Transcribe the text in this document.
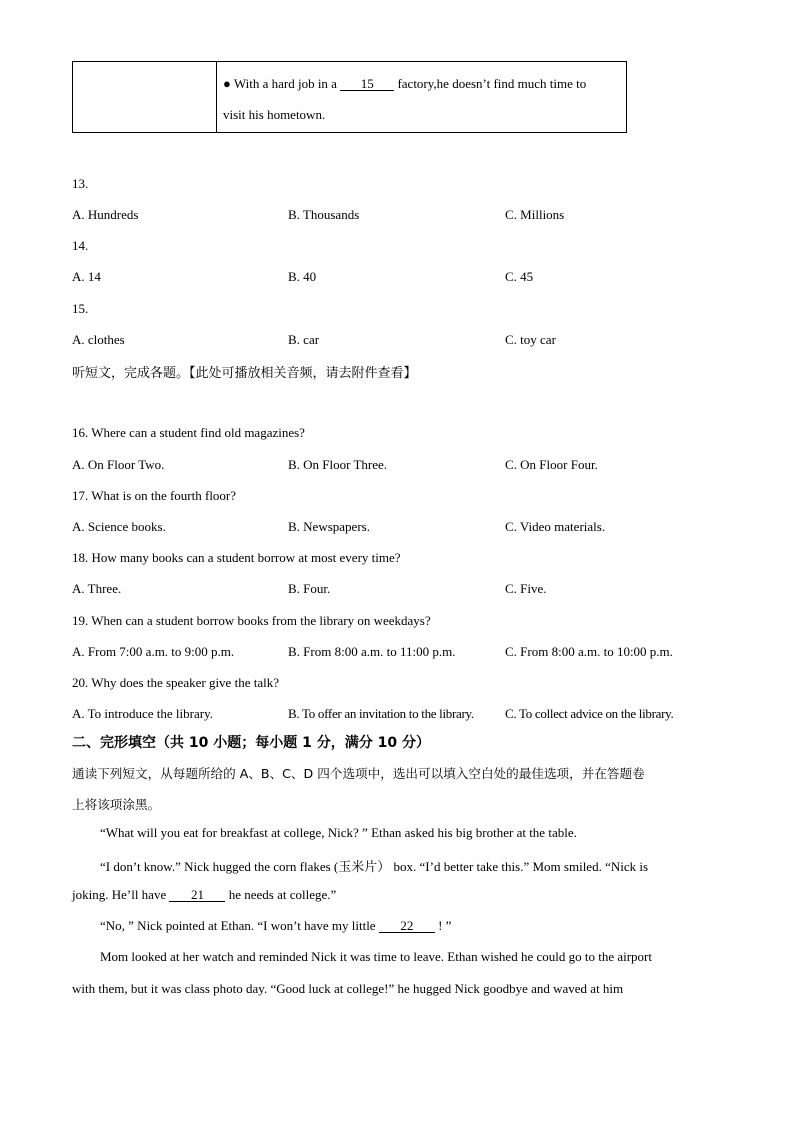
● With a hard job in a 15 factory,he doesn’t find much time to
visit his hometown.
13.
A. Hundreds	B. Thousands	C. Millions
14.
A. 14	B. 40	C. 45
15.
A. clothes	B. car	C. toy car
听短文，完成各题。【此处可播放相关音频，请去附件查看】
16. Where can a student find old magazines?
A. On Floor Two.	B. On Floor Three.	C. On Floor Four.
17. What is on the fourth floor?
A. Science books.	B. Newspapers.	C. Video materials.
18. How many books can a student borrow at most every time?
A. Three.	B. Four.	C. Five.
19. When can a student borrow books from the library on weekdays?
A. From 7:00 a.m. to 9:00 p.m.	B. From 8:00 a.m. to 11:00 p.m.	C. From 8:00 a.m. to 10:00 p.m.
20. Why does the speaker give the talk?
A. To introduce the library.	B. To offer an invitation to the library. C. To collect advice on the library.
二、完形填空（共 10 小题；每小题 1 分，满分 10 分）
通读下列短文，从每题所给的 A、B、C、D 四个选项中，选出可以填入空白处的最佳选项，并在答题卷
上将该项涂黑。
“What will you eat for breakfast at college, Nick? ” Ethan asked his big brother at the table.
“I don’t know.” Nick hugged the corn flakes (玉米片） box. “I’d better take this.” Mom smiled. “Nick is
joking. He’ll have 21 he needs at college.”
“No, ” Nick pointed at Ethan. “I won’t have my little 22 ! ”
Mom looked at her watch and reminded Nick it was time to leave. Ethan wished he could go to the airport
with them, but it was class photo day. “Good luck at college!” he hugged Nick goodbye and waved at him
